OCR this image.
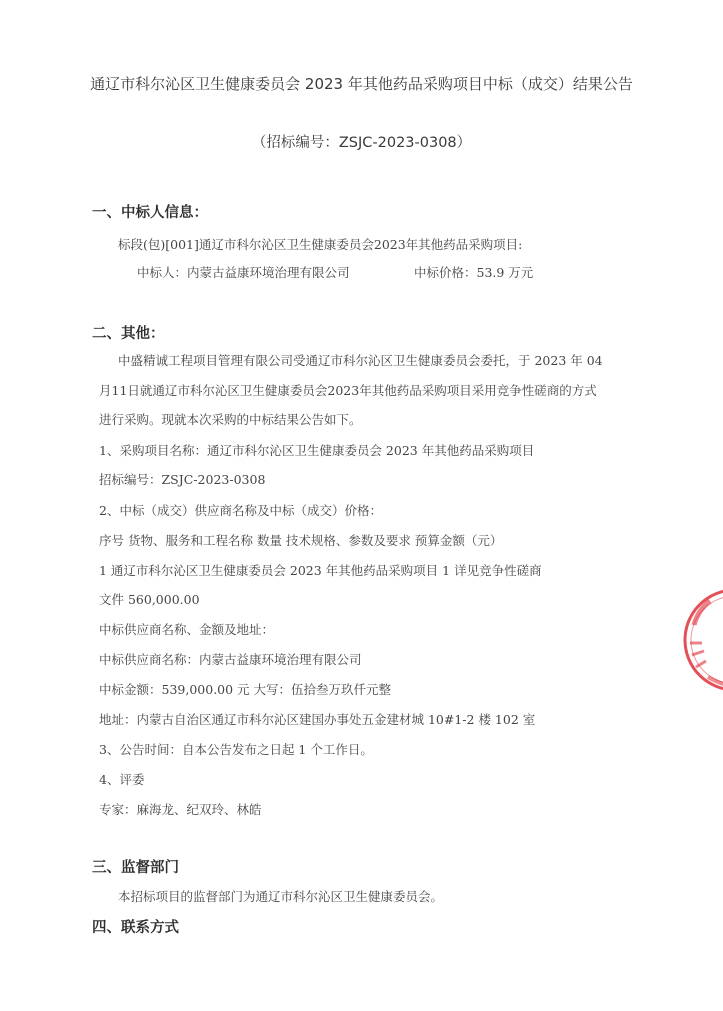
通辽市科尔沁区卫生健康委员会 2023 年其他药品采购项目中标（成交）结果公告
（招标编号：ZSJC-2023-0308）
一、中标人信息：
标段(包)[001]通辽市科尔沁区卫生健康委员会2023年其他药品采购项目:
中标人：内蒙古益康环境治理有限公司	中标价格：53.9 万元
二、其他：
中盛精诚工程项目管理有限公司受通辽市科尔沁区卫生健康委员会委托，于 2023 年 04
月11日就通辽市科尔沁区卫生健康委员会2023年其他药品采购项目采用竞争性磋商的方式
进行采购。现就本次采购的中标结果公告如下。
1、采购项目名称：通辽市科尔沁区卫生健康委员会 2023 年其他药品采购项目
招标编号：ZSJC-2023-0308
2、中标（成交）供应商名称及中标（成交）价格：
序号 货物、服务和工程名称 数量 技术规格、参数及要求 预算金额（元）
1 通辽市科尔沁区卫生健康委员会 2023 年其他药品采购项目 1 详见竞争性磋商
文件 560,000.00
中标供应商名称、金额及地址：
中标供应商名称：内蒙古益康环境治理有限公司
中标金额：539,000.00 元 大写：伍拾叁万玖仟元整
地址：内蒙古自治区通辽市科尔沁区建国办事处五金建材城 10#1-2 楼 102 室
3、公告时间：自本公告发布之日起 1 个工作日。
4、评委
专家：麻海龙、纪双玲、林皓
三、监督部门
本招标项目的监督部门为通辽市科尔沁区卫生健康委员会。
四、联系方式
